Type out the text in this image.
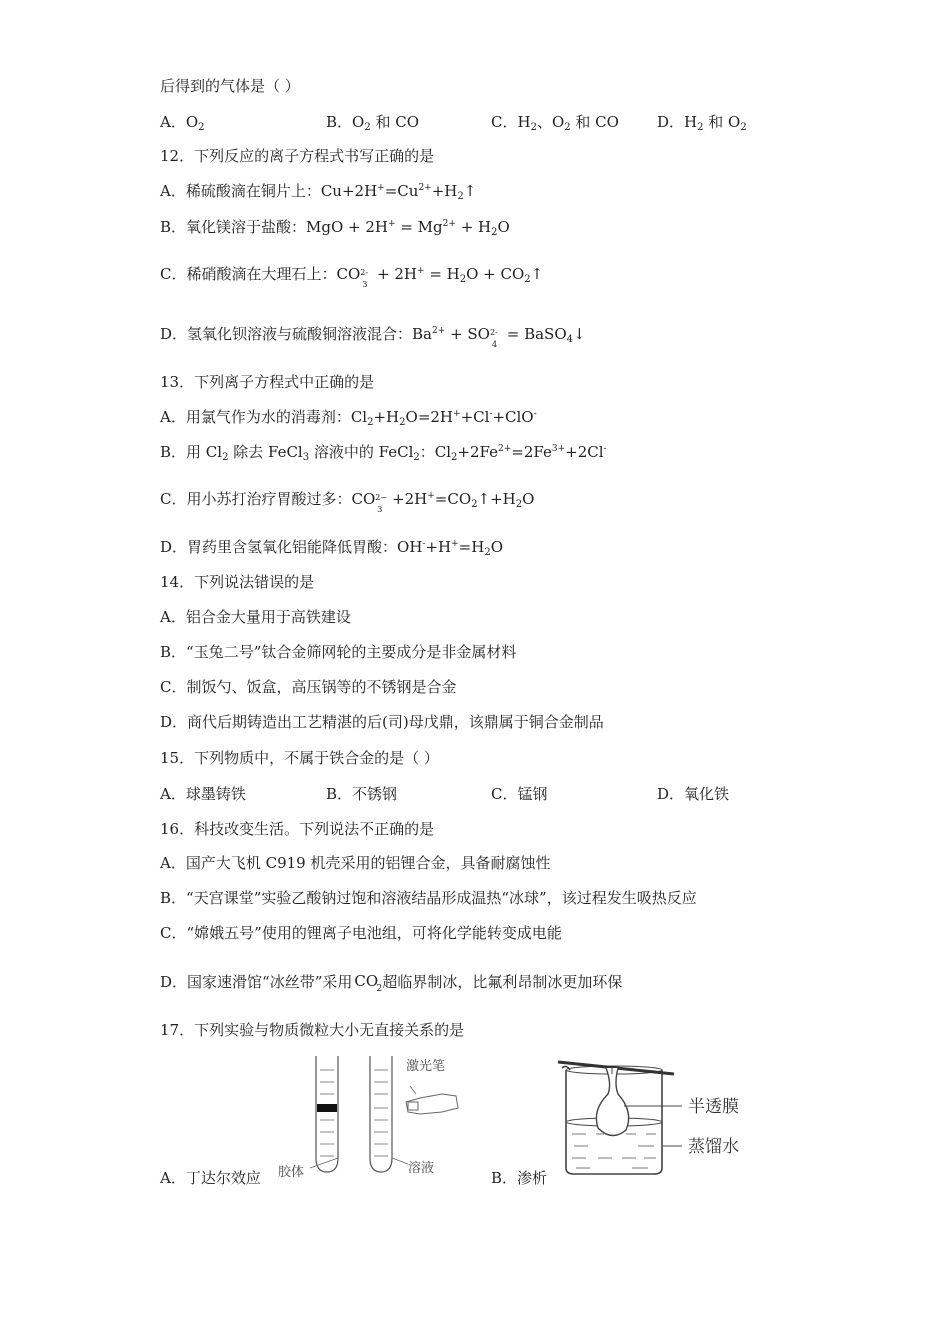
后得到的气体是（ ）
A．$O_2$	B．$O_2$ 和 CO	C．$H_2$、$O_2$ 和 CO	D．$H_2$ 和 $O_2$
12．下列反应的离子方程式书写正确的是
A．稀硫酸滴在铜片上：$Cu+2H^+=Cu^{2+}+H_2↑$
B．氧化镁溶于盐酸：MgO + $2H^+ = Mg^{2+} + H_2O$
C．稀硝酸滴在大理石上：CO 2-
3
+ $2H^+ = H_2O$ + $CO_2↑$
D．氢氧化钡溶液与硫酸铜溶液混合：$Ba^{2+}$ + SO 2-
4
= BaSO$_4$↓
13．下列离子方程式中正确的是
A．用氯气作为水的消毒剂：$Cl_2+H_2O=2H^++Cl^-+ClO^-$
B．用 $Cl_2$ 除去 FeCl$_3$ 溶液中的 FeCl$_2$：$Cl_2+2Fe^{2+}=2Fe^{3+}+2Cl^-$
C．用小苏打治疗胃酸过多：CO 2−
3
$+2H^+=CO_2↑+H_2O$
D．胃药里含氢氧化铝能降低胃酸：$OH^-+H^+=H_2O$
14．下列说法错误的是
A．铝合金大量用于高铁建设
B．“玉兔二号”钛合金筛网轮的主要成分是非金属材料
C．制饭勺、饭盒，高压锅等的不锈钢是合金
D．商代后期铸造出工艺精湛的后(司)母戊鼎，该鼎属于铜合金制品
15．下列物质中，不属于铁合金的是（ ）
A．球墨铸铁	B．不锈钢	C．锰钢	D．氧化铁
16．科技改变生活。下列说法不正确的是
A．国产大飞机 C919 机壳采用的铝锂合金，具备耐腐蚀性
B．“天宫课堂”实验乙酸钠过饱和溶液结晶形成温热“冰球”，该过程发生吸热反应
C．“嫦娥五号”使用的锂离子电池组，可将化学能转变成电能
D．国家速滑馆“冰丝带”采用 CO
2 超临界制冰，比氟利昂制冰更加环保
17．下列实验与物质微粒大小无直接关系的是
A．丁达尔效应	B．渗析
激光笔
胶体	溶液
半透膜
蒸馏水
